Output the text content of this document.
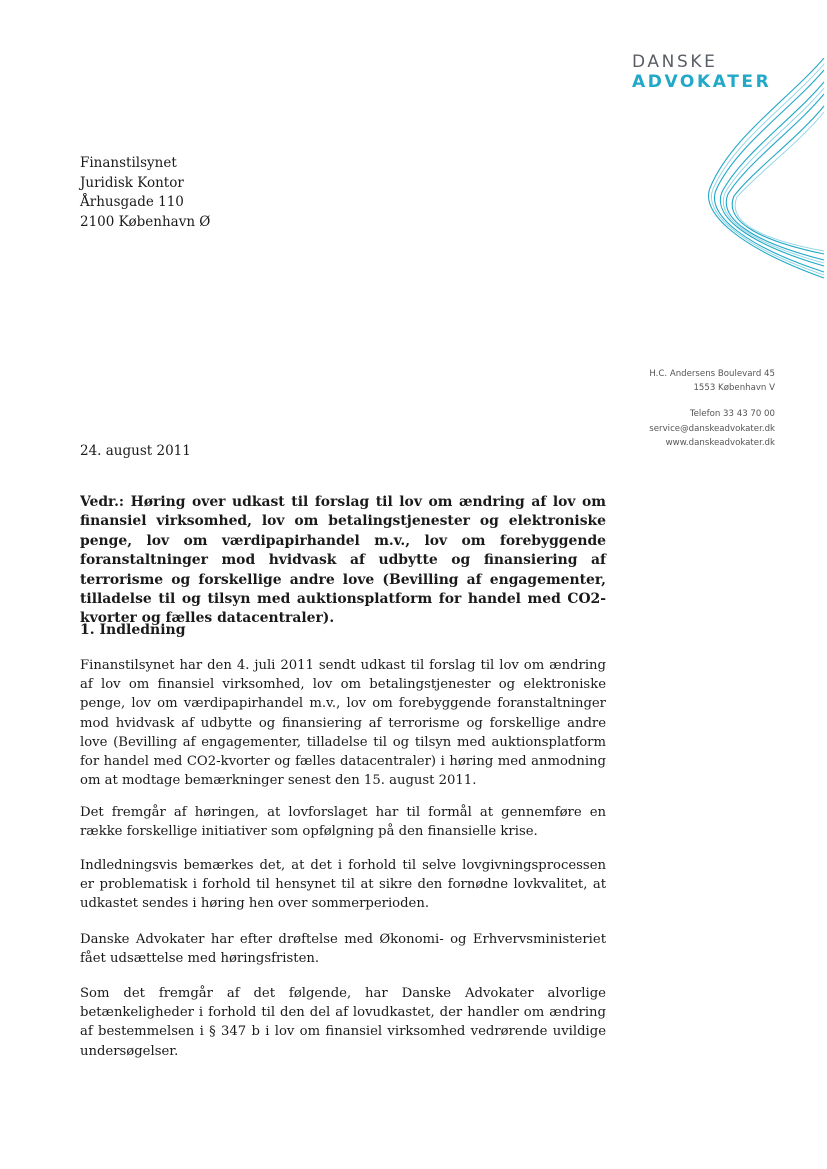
DANSKE
ADVOKATER
Finanstilsynet
Juridisk Kontor
Århusgade 110
2100 København Ø
H.C. Andersens Boulevard 45
1553 København V
Telefon 33 43 70 00
service@danskeadvokater.dk
www.danskeadvokater.dk
24. august 2011
Vedr.: Høring over udkast til forslag til lov om ændring af lov om finansiel virksomhed, lov om betalingstjenester og elektroniske penge, lov om værdipapirhandel m.v., lov om forebyggende foranstaltninger mod hvidvask af udbytte og finansiering af terrorisme og forskellige andre love (Bevilling af engagementer, tilladelse til og tilsyn med auktionsplatform for handel med CO2-kvorter og fælles datacentraler).
1. Indledning
Finanstilsynet har den 4. juli 2011 sendt udkast til forslag til lov om ændring af lov om finansiel virksomhed, lov om betalingstjenester og elektroniske penge, lov om værdipapirhandel m.v., lov om forebyggende foranstaltninger mod hvidvask af udbytte og finansiering af terrorisme og forskellige andre love (Bevilling af engagementer, tilladelse til og tilsyn med auktionsplatform for handel med CO2-kvorter og fælles datacentraler) i høring med anmodning om at modtage bemærkninger senest den 15. august 2011.
Det fremgår af høringen, at lovforslaget har til formål at gennemføre en række forskellige initiativer som opfølgning på den finansielle krise.
Indledningsvis bemærkes det, at det i forhold til selve lovgivningsprocessen er problematisk i forhold til hensynet til at sikre den fornødne lovkvalitet, at udkastet sendes i høring hen over sommerperioden.
Danske Advokater har efter drøftelse med Økonomi- og Erhvervsministeriet fået udsættelse med høringsfristen.
Som det fremgår af det følgende, har Danske Advokater alvorlige betænkeligheder i forhold til den del af lovudkastet, der handler om ændring af bestemmelsen i § 347 b i lov om finansiel virksomhed vedrørende uvildige undersøgelser.
